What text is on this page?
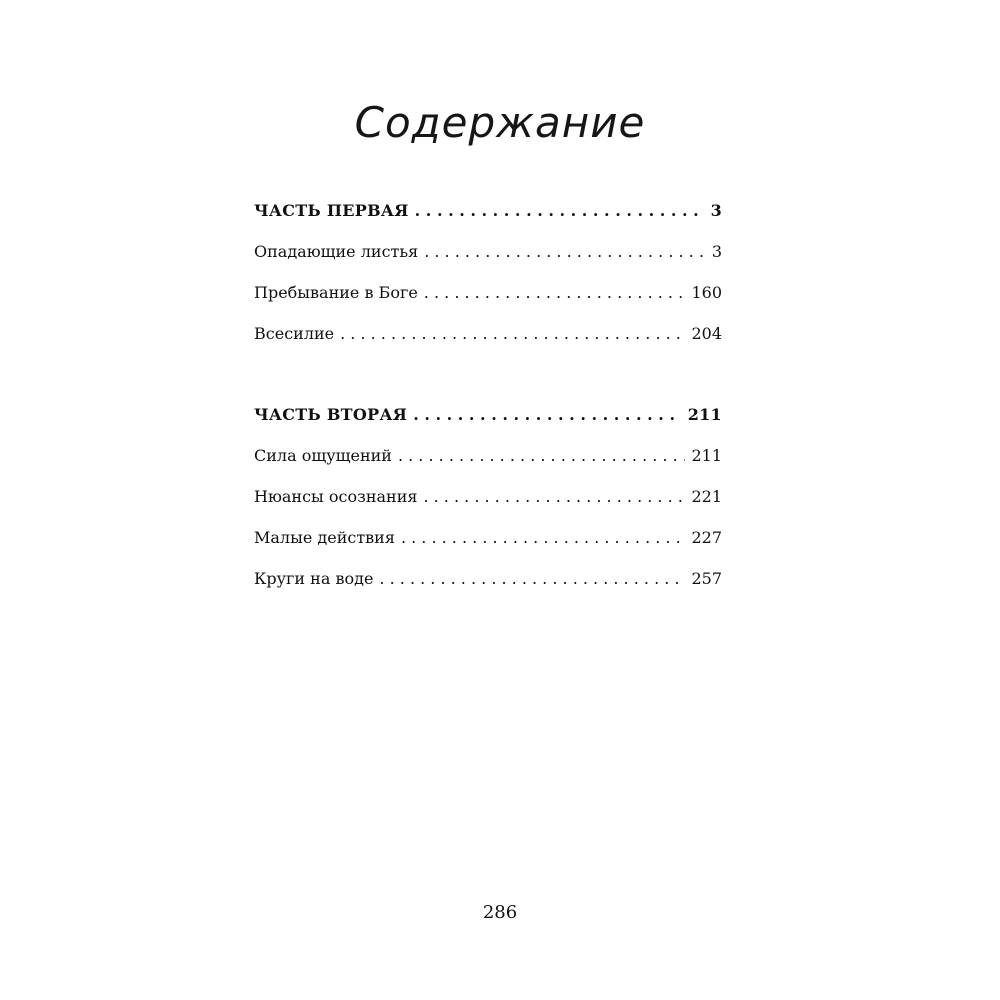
Содержание
ЧАСТЬ ПЕРВАЯ . . .	3
Опадающие листья . . .	3
Пребывание в Боге . . .	160
Всесилие . . .	204
ЧАСТЬ ВТОРАЯ . . .	211
Сила ощущений . . .	211
Нюансы осознания . . .	221
Малые действия . . .	227
Круги на воде . . .	257
286
